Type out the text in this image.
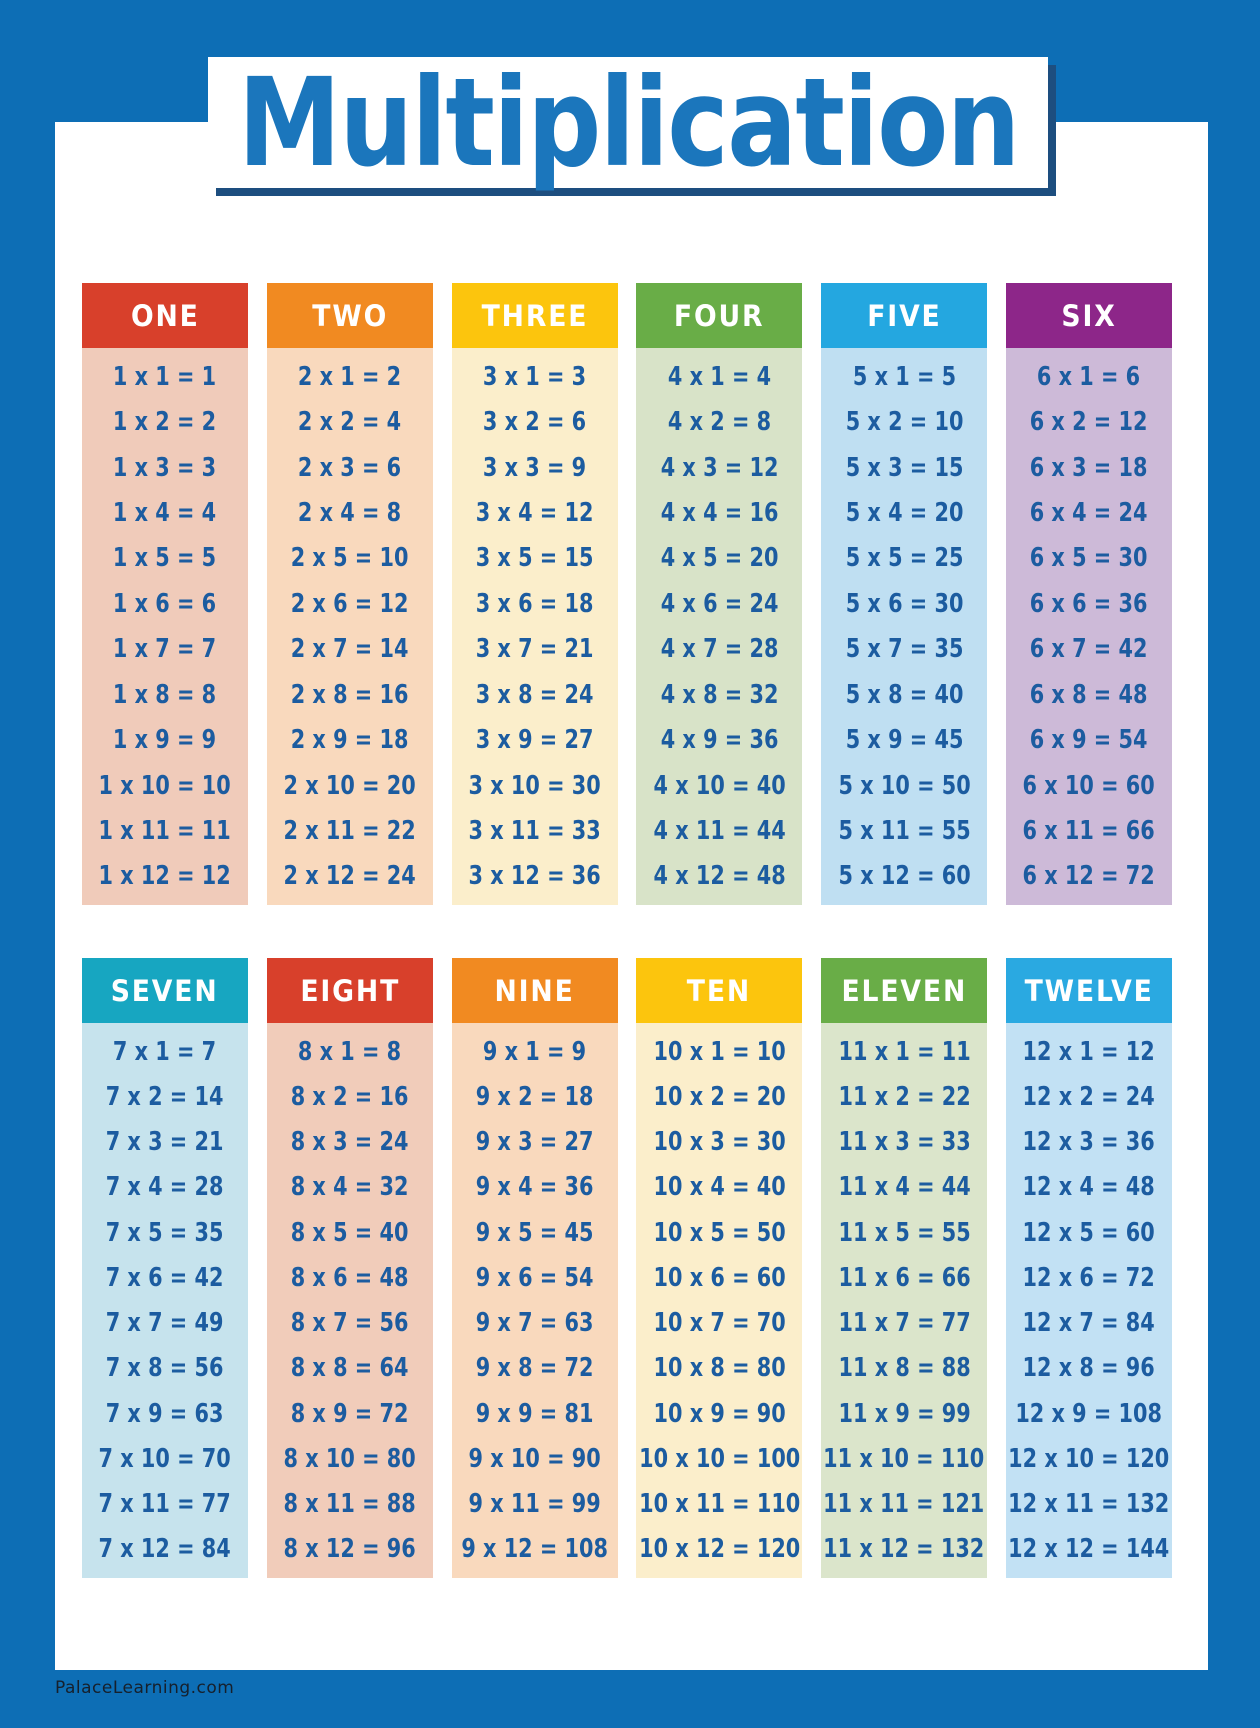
Multiplication
ONE
1 x 1 = 1
1 x 2 = 2
1 x 3 = 3
1 x 4 = 4
1 x 5 = 5
1 x 6 = 6
1 x 7 = 7
1 x 8 = 8
1 x 9 = 9
1 x 10 = 10
1 x 11 = 11
1 x 12 = 12
TWO
2 x 1 = 2
2 x 2 = 4
2 x 3 = 6
2 x 4 = 8
2 x 5 = 10
2 x 6 = 12
2 x 7 = 14
2 x 8 = 16
2 x 9 = 18
2 x 10 = 20
2 x 11 = 22
2 x 12 = 24
THREE
3 x 1 = 3
3 x 2 = 6
3 x 3 = 9
3 x 4 = 12
3 x 5 = 15
3 x 6 = 18
3 x 7 = 21
3 x 8 = 24
3 x 9 = 27
3 x 10 = 30
3 x 11 = 33
3 x 12 = 36
FOUR
4 x 1 = 4
4 x 2 = 8
4 x 3 = 12
4 x 4 = 16
4 x 5 = 20
4 x 6 = 24
4 x 7 = 28
4 x 8 = 32
4 x 9 = 36
4 x 10 = 40
4 x 11 = 44
4 x 12 = 48
FIVE
5 x 1 = 5
5 x 2 = 10
5 x 3 = 15
5 x 4 = 20
5 x 5 = 25
5 x 6 = 30
5 x 7 = 35
5 x 8 = 40
5 x 9 = 45
5 x 10 = 50
5 x 11 = 55
5 x 12 = 60
SIX
6 x 1 = 6
6 x 2 = 12
6 x 3 = 18
6 x 4 = 24
6 x 5 = 30
6 x 6 = 36
6 x 7 = 42
6 x 8 = 48
6 x 9 = 54
6 x 10 = 60
6 x 11 = 66
6 x 12 = 72
SEVEN
7 x 1 = 7
7 x 2 = 14
7 x 3 = 21
7 x 4 = 28
7 x 5 = 35
7 x 6 = 42
7 x 7 = 49
7 x 8 = 56
7 x 9 = 63
7 x 10 = 70
7 x 11 = 77
7 x 12 = 84
EIGHT
8 x 1 = 8
8 x 2 = 16
8 x 3 = 24
8 x 4 = 32
8 x 5 = 40
8 x 6 = 48
8 x 7 = 56
8 x 8 = 64
8 x 9 = 72
8 x 10 = 80
8 x 11 = 88
8 x 12 = 96
NINE
9 x 1 = 9
9 x 2 = 18
9 x 3 = 27
9 x 4 = 36
9 x 5 = 45
9 x 6 = 54
9 x 7 = 63
9 x 8 = 72
9 x 9 = 81
9 x 10 = 90
9 x 11 = 99
9 x 12 = 108
TEN
10 x 1 = 10
10 x 2 = 20
10 x 3 = 30
10 x 4 = 40
10 x 5 = 50
10 x 6 = 60
10 x 7 = 70
10 x 8 = 80
10 x 9 = 90
10 x 10 = 100
10 x 11 = 110
10 x 12 = 120
ELEVEN
11 x 1 = 11
11 x 2 = 22
11 x 3 = 33
11 x 4 = 44
11 x 5 = 55
11 x 6 = 66
11 x 7 = 77
11 x 8 = 88
11 x 9 = 99
11 x 10 = 110
11 x 11 = 121
11 x 12 = 132
TWELVE
12 x 1 = 12
12 x 2 = 24
12 x 3 = 36
12 x 4 = 48
12 x 5 = 60
12 x 6 = 72
12 x 7 = 84
12 x 8 = 96
12 x 9 = 108
12 x 10 = 120
12 x 11 = 132
12 x 12 = 144
PalaceLearning.com
